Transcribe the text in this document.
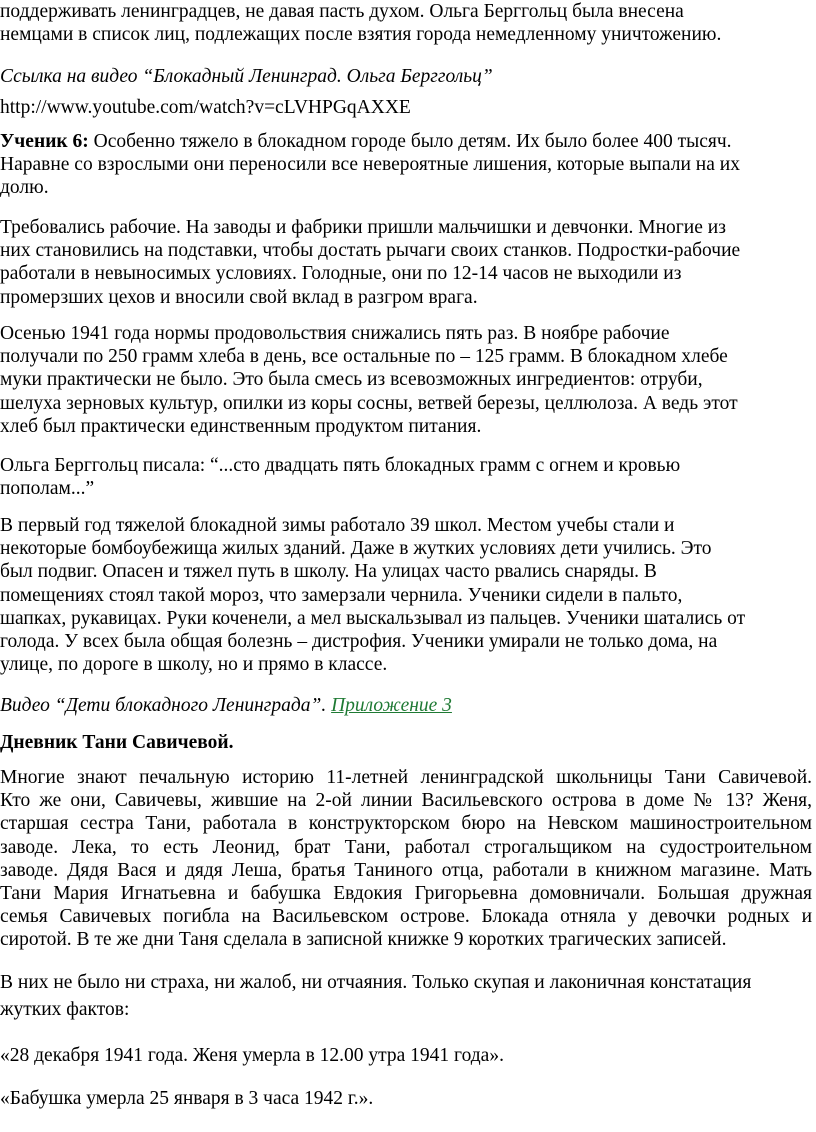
поддерживать ленинградцев, не давая пасть духом. Ольга Берггольц была внесена
немцами в список лиц, подлежащих после взятия города немедленному уничтожению.
Ссылка на видео “Блокадный Ленинград. Ольга Берггольц”
http://www.youtube.com/watch?v=cLVHPGqAXXE
Ученик 6: Особенно тяжело в блокадном городе было детям. Их было более 400 тысяч.
Наравне со взрослыми они переносили все невероятные лишения, которые выпали на их
долю.
Требовались рабочие. На заводы и фабрики пришли мальчишки и девчонки. Многие из
них становились на подставки, чтобы достать рычаги своих станков. Подростки-рабочие
работали в невыносимых условиях. Голодные, они по 12-14 часов не выходили из
промерзших цехов и вносили свой вклад в разгром врага.
Осенью 1941 года нормы продовольствия снижались пять раз. В ноябре рабочие
получали по 250 грамм хлеба в день, все остальные по – 125 грамм. В блокадном хлебе
муки практически не было. Это была смесь из всевозможных ингредиентов: отруби,
шелуха зерновых культур, опилки из коры сосны, ветвей березы, целлюлоза. А ведь этот
хлеб был практически единственным продуктом питания.
Ольга Берггольц писала: “...сто двадцать пять блокадных грамм с огнем и кровью
пополам...”
В первый год тяжелой блокадной зимы работало 39 школ. Местом учебы стали и
некоторые бомбоубежища жилых зданий. Даже в жутких условиях дети учились. Это
был подвиг. Опасен и тяжел путь в школу. На улицах часто рвались снаряды. В
помещениях стоял такой мороз, что замерзали чернила. Ученики сидели в пальто,
шапках, рукавицах. Руки коченели, а мел выскальзывал из пальцев. Ученики шатались от
голода. У всех была общая болезнь – дистрофия. Ученики умирали не только дома, на
улице, по дороге в школу, но и прямо в классе.
Видео “Дети блокадного Ленинграда”. Приложение 3
Дневник Тани Савичевой.
Многие знают печальную историю 11-летней ленинградской школьницы Тани Савичевой.
Кто же они, Савичевы, жившие на 2-ой линии Васильевского острова в доме № 13? Женя,
старшая сестра Тани, работала в конструкторском бюро на Невском машиностроительном
заводе. Лека, то есть Леонид, брат Тани, работал строгальщиком на судостроительном
заводе. Дядя Вася и дядя Леша, братья Таниного отца, работали в книжном магазине. Мать
Тани Мария Игнатьевна и бабушка Евдокия Григорьевна домовничали. Большая дружная
семья Савичевых погибла на Васильевском острове. Блокада отняла у девочки родных и
сиротой. В те же дни Таня сделала в записной книжке 9 коротких трагических записей.
В них не было ни страха, ни жалоб, ни отчаяния. Только скупая и лаконичная констатация
жутких фактов:
«28 декабря 1941 года. Женя умерла в 12.00 утра 1941 года».
«Бабушка умерла 25 января в 3 часа 1942 г.».
